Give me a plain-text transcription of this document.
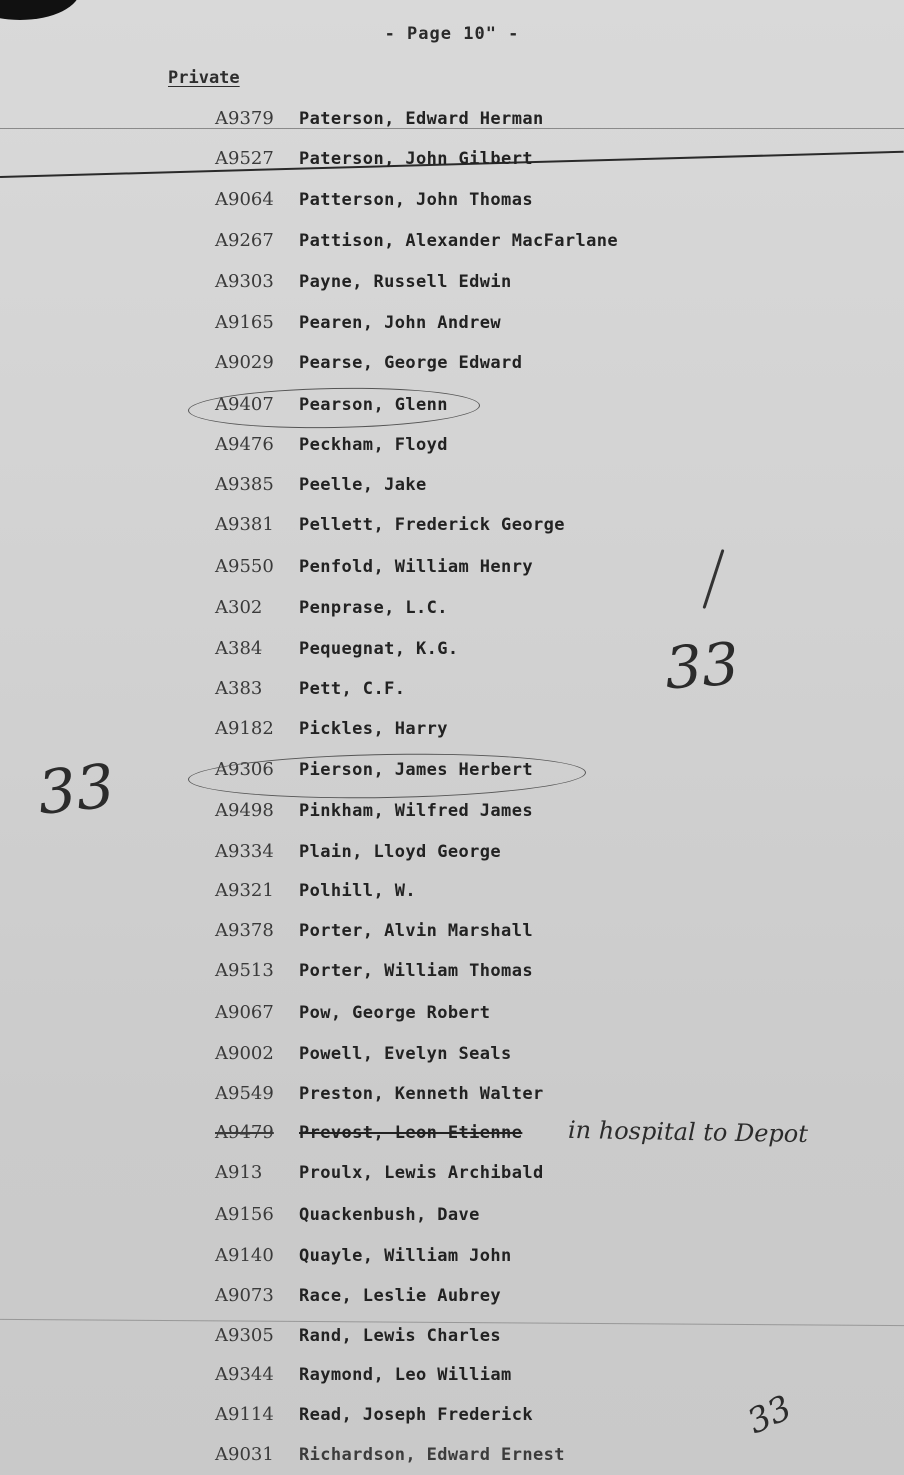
- Page 10" -
Private
A9379 Paterson, Edward Herman
A9527 Paterson, John Gilbert
A9064 Patterson, John Thomas
A9267 Pattison, Alexander MacFarlane
A9303 Payne, Russell Edwin
A9165 Pearen, John Andrew
A9029 Pearse, George Edward
A9407 Pearson, Glenn
A9476 Peckham, Floyd
A9385 Peelle, Jake
A9381 Pellett, Frederick George
A9550 Penfold, William Henry
A302 Penprase, L.C.
A384 Pequegnat, K.G.
A383 Pett, C.F.
A9182 Pickles, Harry
A9306 Pierson, James Herbert
A9498 Pinkham, Wilfred James
A9334 Plain, Lloyd George
A9321 Polhill, W.
A9378 Porter, Alvin Marshall
A9513 Porter, William Thomas
A9067 Pow, George Robert
A9002 Powell, Evelyn Seals
A9549 Preston, Kenneth Walter
A9479 Prevost, Leon Etienne
A913 Proulx, Lewis Archibald
A9156 Quackenbush, Dave
A9140 Quayle, William John
A9073 Race, Leslie Aubrey
A9305 Rand, Lewis Charles
A9344 Raymond, Leo William
A9114 Read, Joseph Frederick
A9031 Richardson, Edward Ernest
in hospital to Depot
33
33
33
